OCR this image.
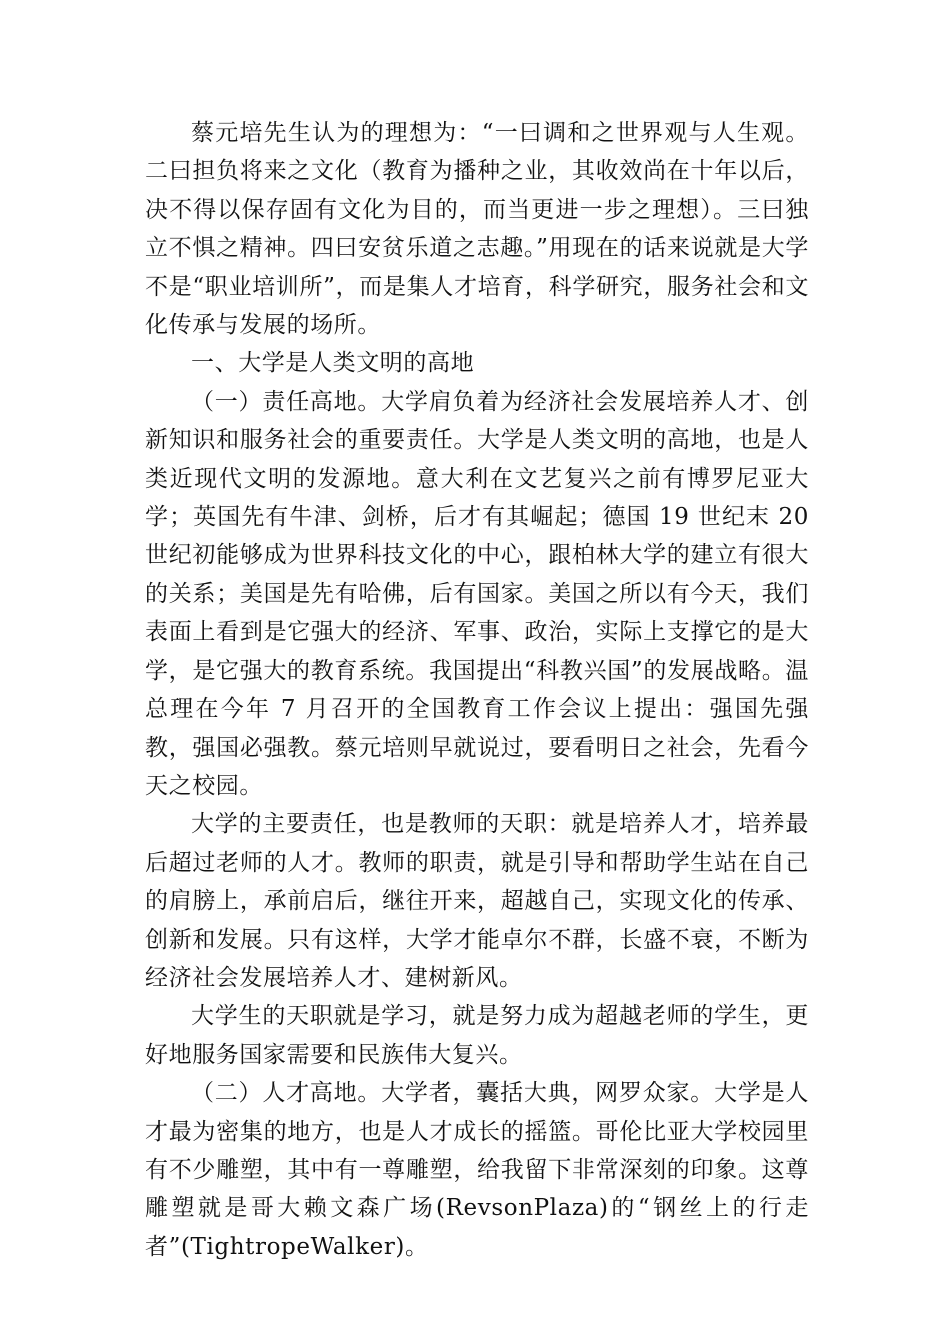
蔡元培先生认为的理想为：“一曰调和之世界观与人生观。二曰担负将来之文化（教育为播种之业，其收效尚在十年以后，决不得以保存固有文化为目的，而当更进一步之理想）。三曰独立不惧之精神。四曰安贫乐道之志趣。”用现在的话来说就是大学不是“职业培训所”，而是集人才培育，科学研究，服务社会和文化传承与发展的场所。

一、大学是人类文明的高地

（一）责任高地。大学肩负着为经济社会发展培养人才、创新知识和服务社会的重要责任。大学是人类文明的高地，也是人类近现代文明的发源地。意大利在文艺复兴之前有博罗尼亚大学；英国先有牛津、剑桥，后才有其崛起；德国 19 世纪末 20 世纪初能够成为世界科技文化的中心，跟柏林大学的建立有很大的关系；美国是先有哈佛，后有国家。美国之所以有今天，我们表面上看到是它强大的经济、军事、政治，实际上支撑它的是大学，是它强大的教育系统。我国提出“科教兴国”的发展战略。温总理在今年 7 月召开的全国教育工作会议上提出：强国先强教，强国必强教。蔡元培则早就说过，要看明日之社会，先看今天之校园。

大学的主要责任，也是教师的天职：就是培养人才，培养最后超过老师的人才。教师的职责，就是引导和帮助学生站在自己的肩膀上，承前启后，继往开来，超越自己，实现文化的传承、创新和发展。只有这样，大学才能卓尔不群，长盛不衰，不断为经济社会发展培养人才、建树新风。

大学生的天职就是学习，就是努力成为超越老师的学生，更好地服务国家需要和民族伟大复兴。

（二）人才高地。大学者，囊括大典，网罗众家。大学是人才最为密集的地方，也是人才成长的摇篮。哥伦比亚大学校园里有不少雕塑，其中有一尊雕塑，给我留下非常深刻的印象。这尊雕塑就是哥大赖文森广场(RevsonPlaza)的“钢丝上的行走者”(TightropeWalker)。
